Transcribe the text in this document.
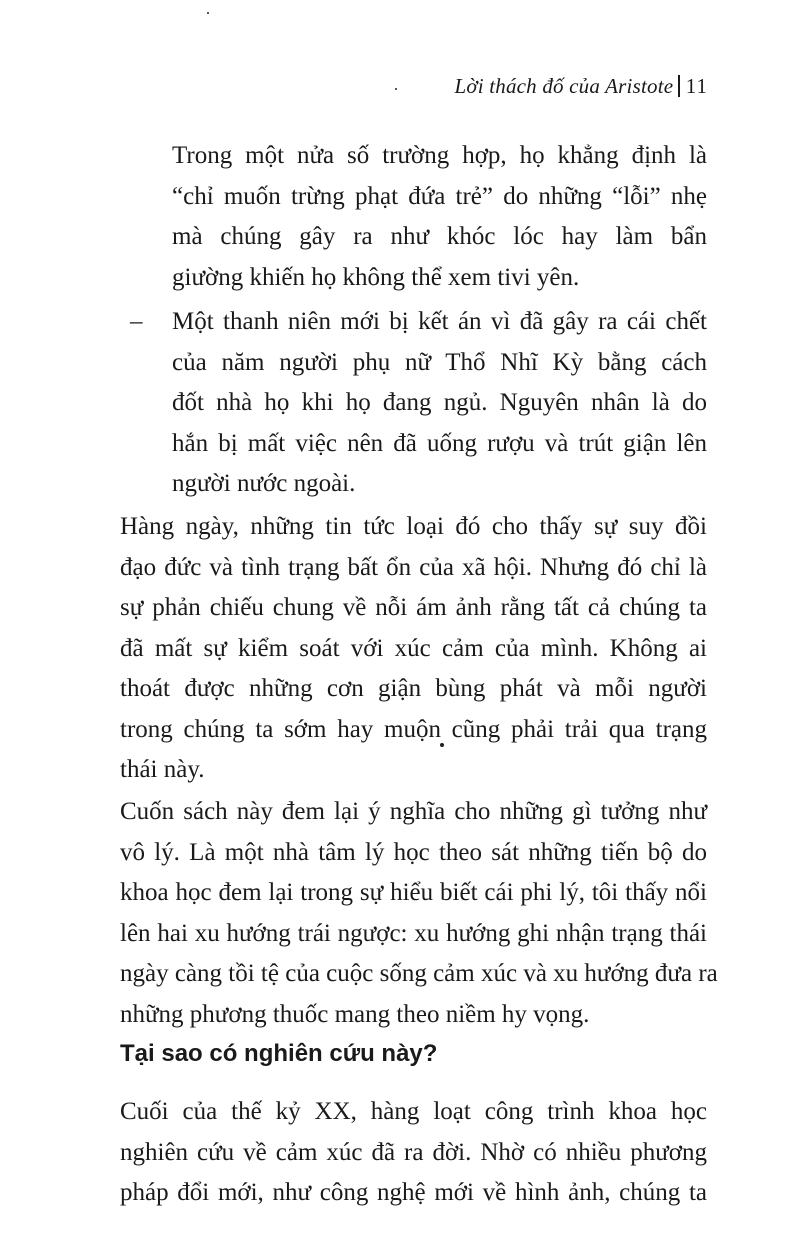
Lời thách đố của Aristote 11
Trong một nửa số trường hợp, họ khẳng định là
“chỉ muốn trừng phạt đứa trẻ” do những “lỗi” nhẹ
mà chúng gây ra như khóc lóc hay làm bẩn
giường khiến họ không thể xem tivi yên.
– Một thanh niên mới bị kết án vì đã gây ra cái chết
của năm người phụ nữ Thổ Nhĩ Kỳ bằng cách
đốt nhà họ khi họ đang ngủ. Nguyên nhân là do
hắn bị mất việc nên đã uống rượu và trút giận lên
người nước ngoài.
Hàng ngày, những tin tức loại đó cho thấy sự suy đồi
đạo đức và tình trạng bất ổn của xã hội. Nhưng đó chỉ là
sự phản chiếu chung về nỗi ám ảnh rằng tất cả chúng ta
đã mất sự kiểm soát với xúc cảm của mình. Không ai
thoát được những cơn giận bùng phát và mỗi người
trong chúng ta sớm hay muộn cũng phải trải qua trạng
thái này.
Cuốn sách này đem lại ý nghĩa cho những gì tưởng như
vô lý. Là một nhà tâm lý học theo sát những tiến bộ do
khoa học đem lại trong sự hiểu biết cái phi lý, tôi thấy nổi
lên hai xu hướng trái ngược: xu hướng ghi nhận trạng thái
ngày càng tồi tệ của cuộc sống cảm xúc và xu hướng đưa ra
những phương thuốc mang theo niềm hy vọng.
Tại sao có nghiên cứu này?
Cuối của thế kỷ XX, hàng loạt công trình khoa học
nghiên cứu về cảm xúc đã ra đời. Nhờ có nhiều phương
pháp đổi mới, như công nghệ mới về hình ảnh, chúng ta
